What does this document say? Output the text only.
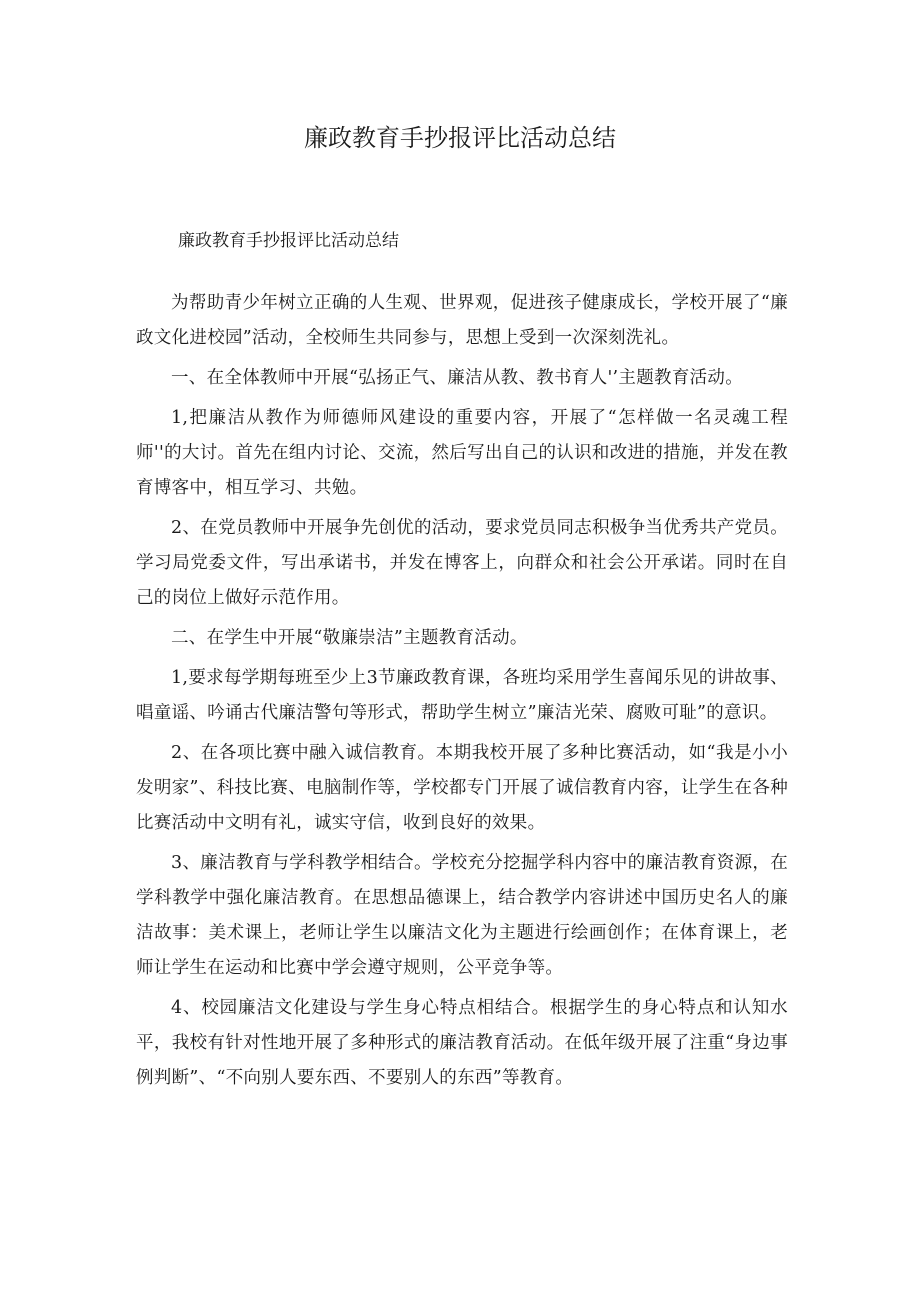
廉政教育手抄报评比活动总结
廉政教育手抄报评比活动总结

为帮助青少年树立正确的人生观、世界观，促进孩子健康成长，学校开展了“廉政文化进校园”活动，全校师生共同参与，思想上受到一次深刻洗礼。

一、在全体教师中开展“弘扬正气、廉洁从教、教书育人'’主题教育活动。

1,把廉洁从教作为师德师风建设的重要内容，开展了“怎样做一名灵魂工程师''的大讨。首先在组内讨论、交流，然后写出自己的认识和改进的措施，并发在教育博客中，相互学习、共勉。

2、在党员教师中开展争先创优的活动，要求党员同志积极争当优秀共产党员。学习局党委文件，写出承诺书，并发在博客上，向群众和社会公开承诺。同时在自己的岗位上做好示范作用。

二、在学生中开展“敬廉崇洁”主题教育活动。

1,要求每学期每班至少上3节廉政教育课，各班均采用学生喜闻乐见的讲故事、唱童谣、吟诵古代廉洁警句等形式，帮助学生树立”廉洁光荣、腐败可耻”的意识。

2、在各项比赛中融入诚信教育。本期我校开展了多种比赛活动，如“我是小小发明家”、科技比赛、电脑制作等，学校都专门开展了诚信教育内容，让学生在各种比赛活动中文明有礼，诚实守信，收到良好的效果。

3、廉洁教育与学科教学相结合。学校充分挖掘学科内容中的廉洁教育资源，在学科教学中强化廉洁教育。在思想品德课上，结合教学内容讲述中国历史名人的廉洁故事：美术课上，老师让学生以廉洁文化为主题进行绘画创作；在体育课上，老师让学生在运动和比赛中学会遵守规则，公平竞争等。

4、校园廉洁文化建设与学生身心特点相结合。根据学生的身心特点和认知水平，我校有针对性地开展了多种形式的廉洁教育活动。在低年级开展了注重“身边事例判断”、“不向别人要东西、不要别人的东西”等教育。
